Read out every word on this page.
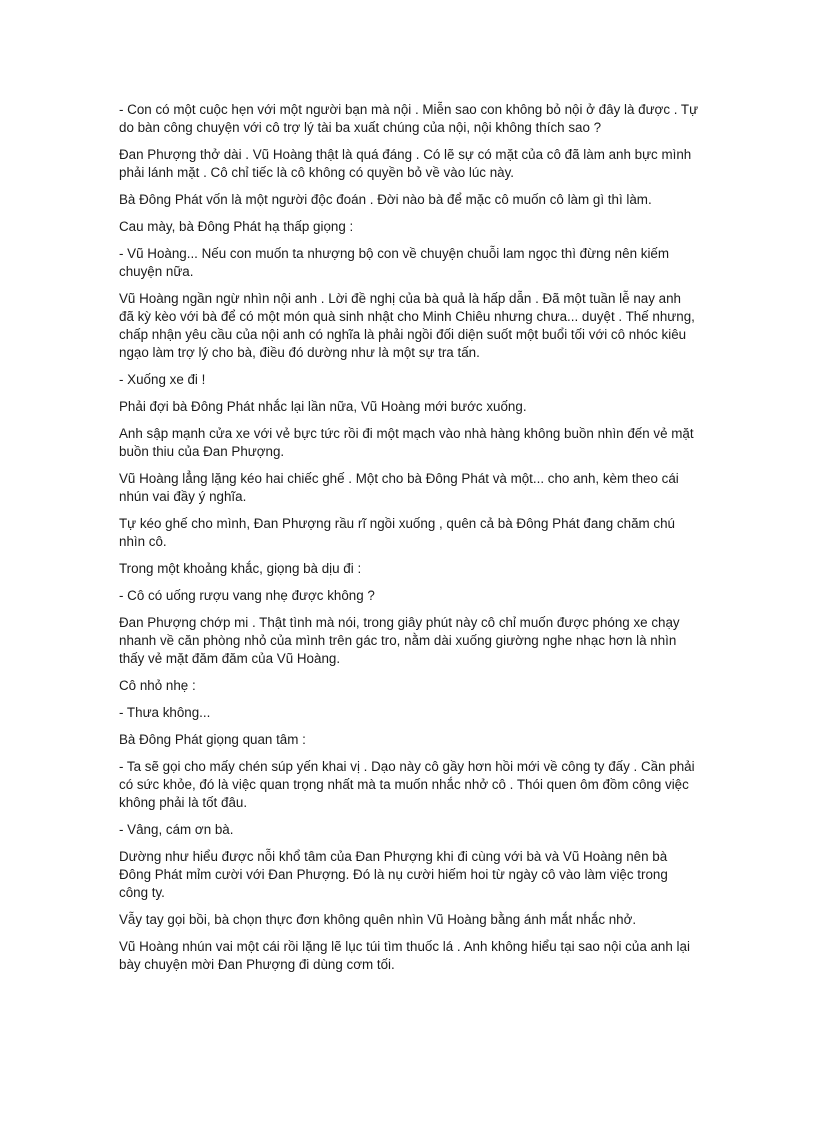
- Con có một cuộc hẹn với một người bạn mà nội . Miễn sao con không bỏ nội ở đây là được . Tự do bàn công chuyện với cô trợ lý tài ba xuất chúng của nội, nội không thích sao ?

Đan Phượng thở dài . Vũ Hoàng thật là quá đáng . Có lẽ sự có mặt của cô đã làm anh bực mình phải lánh mặt . Cô chỉ tiếc là cô không có quyền bỏ về vào lúc này.

Bà Đông Phát vốn là một người độc đoán . Đời nào bà để mặc cô muốn cô làm gì thì làm.

Cau mày, bà Đông Phát hạ thấp giọng :

- Vũ Hoàng... Nếu con muốn ta nhượng bộ con về chuyện chuỗi lam ngọc thì đừng nên kiếm chuyện nữa.

Vũ Hoàng ngần ngừ nhìn nội anh . Lời đề nghị của bà quả là hấp dẫn . Đã một tuần lễ nay anh đã kỳ kèo với bà để có một món quà sinh nhật cho Minh Chiêu nhưng chưa... duyệt . Thế nhưng, chấp nhận yêu cầu của nội anh có nghĩa là phải ngồi đối diện suốt một buổi tối với cô nhóc kiêu ngạo làm trợ lý cho bà, điều đó dường như là một sự tra tấn.

- Xuống xe đi !

Phải đợi bà Đông Phát nhắc lại lần nữa, Vũ Hoàng mới bước xuống.

Anh sập mạnh cửa xe với vẻ bực tức rồi đi một mạch vào nhà hàng không buồn nhìn đến vẻ mặt buồn thiu của Đan Phượng.

Vũ Hoàng lẳng lặng kéo hai chiếc ghế . Một cho bà Đông Phát và một... cho anh, kèm theo cái nhún vai đầy ý nghĩa.

Tự kéo ghế cho mình, Đan Phượng rầu rĩ ngồi xuống , quên cả bà Đông Phát đang chăm chú nhìn cô.

Trong một khoảng khắc, giọng bà dịu đi :

- Cô có uống rượu vang nhẹ được không ?

Đan Phượng chớp mi . Thật tình mà nói, trong giây phút này cô chỉ muốn được phóng xe chạy nhanh về căn phòng nhỏ của mình trên gác tro, nằm dài xuống giường nghe nhạc hơn là nhìn thấy vẻ mặt đăm đăm của Vũ Hoàng.

Cô nhỏ nhẹ :

- Thưa không...

Bà Đông Phát giọng quan tâm :

- Ta sẽ gọi cho mấy chén súp yến khai vị . Dạo này cô gầy hơn hồi mới về công ty đấy . Cần phải có sức khỏe, đó là việc quan trọng nhất mà ta muốn nhắc nhở cô . Thói quen ôm đồm công việc không phải là tốt đâu.

- Vâng, cám ơn bà.

Dường như hiểu được nỗi khổ tâm của Đan Phượng khi đi cùng với bà và Vũ Hoàng nên bà Đông Phát mỉm cười với Đan Phượng. Đó là nụ cười hiếm hoi từ ngày cô vào làm việc trong công ty.

Vẫy tay gọi bồi, bà chọn thực đơn không quên nhìn Vũ Hoàng bằng ánh mắt nhắc nhở.

Vũ Hoàng nhún vai một cái rồi lặng lẽ lục túi tìm thuốc lá . Anh không hiểu tại sao nội của anh lại bày chuyện mời Đan Phượng đi dùng cơm tối.
